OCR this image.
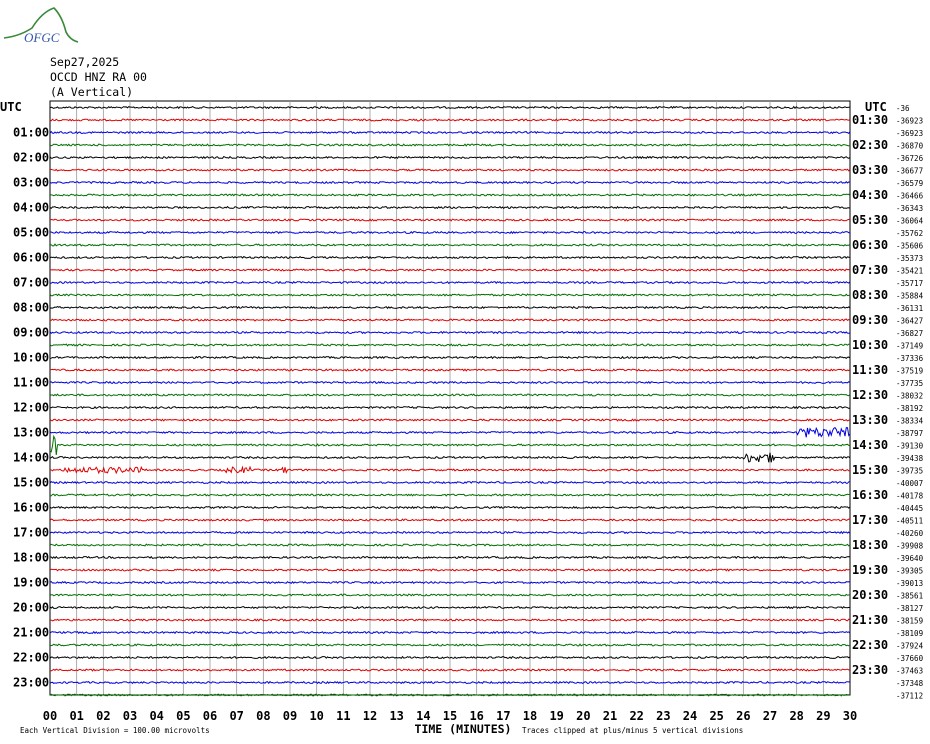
OFGC
Sep27,2025
OCCD HNZ RA 00
(A Vertical)
-36
-36923
-36923
-36870
-36726
-36677
-36579
-36466
-36343
-36064
-35762
-35606
-35373
-35421
-35717
-35884
-36131
-36427
-36827
-37149
-37336
-37519
-37735
-38032
-38192
-38334
-38797
-39130
-39438
-39735
-40007
-40178
-40445
-40511
-40260
-39908
-39640
-39305
-39013
-38561
-38127
-38159
-38109
-37924
-37660
-37463
-37348
-37112
UTC	UTC
01:00
02:00
03:00
04:00
05:00
06:00
07:00
08:00
09:00
10:00
11:00
12:00
13:00
14:00
15:00
16:00
17:00
18:00
19:00
20:00
21:00
22:00
23:00
01:30
02:30
03:30
04:30
05:30
06:30
07:30
08:30
09:30
10:30
11:30
12:30
13:30
14:30
15:30
16:30
17:30
18:30
19:30
20:30
21:30
22:30
23:30
00 01 02 03 04 05 06 07 08 09 10 11 12 13 14 15 16 17 18 19 20 21 22 23 24 25 26 27 28 29 30
TIME (MINUTES)
Each Vertical Division = 100.00 microvolts	Traces clipped at plus/minus 5 vertical divisions
